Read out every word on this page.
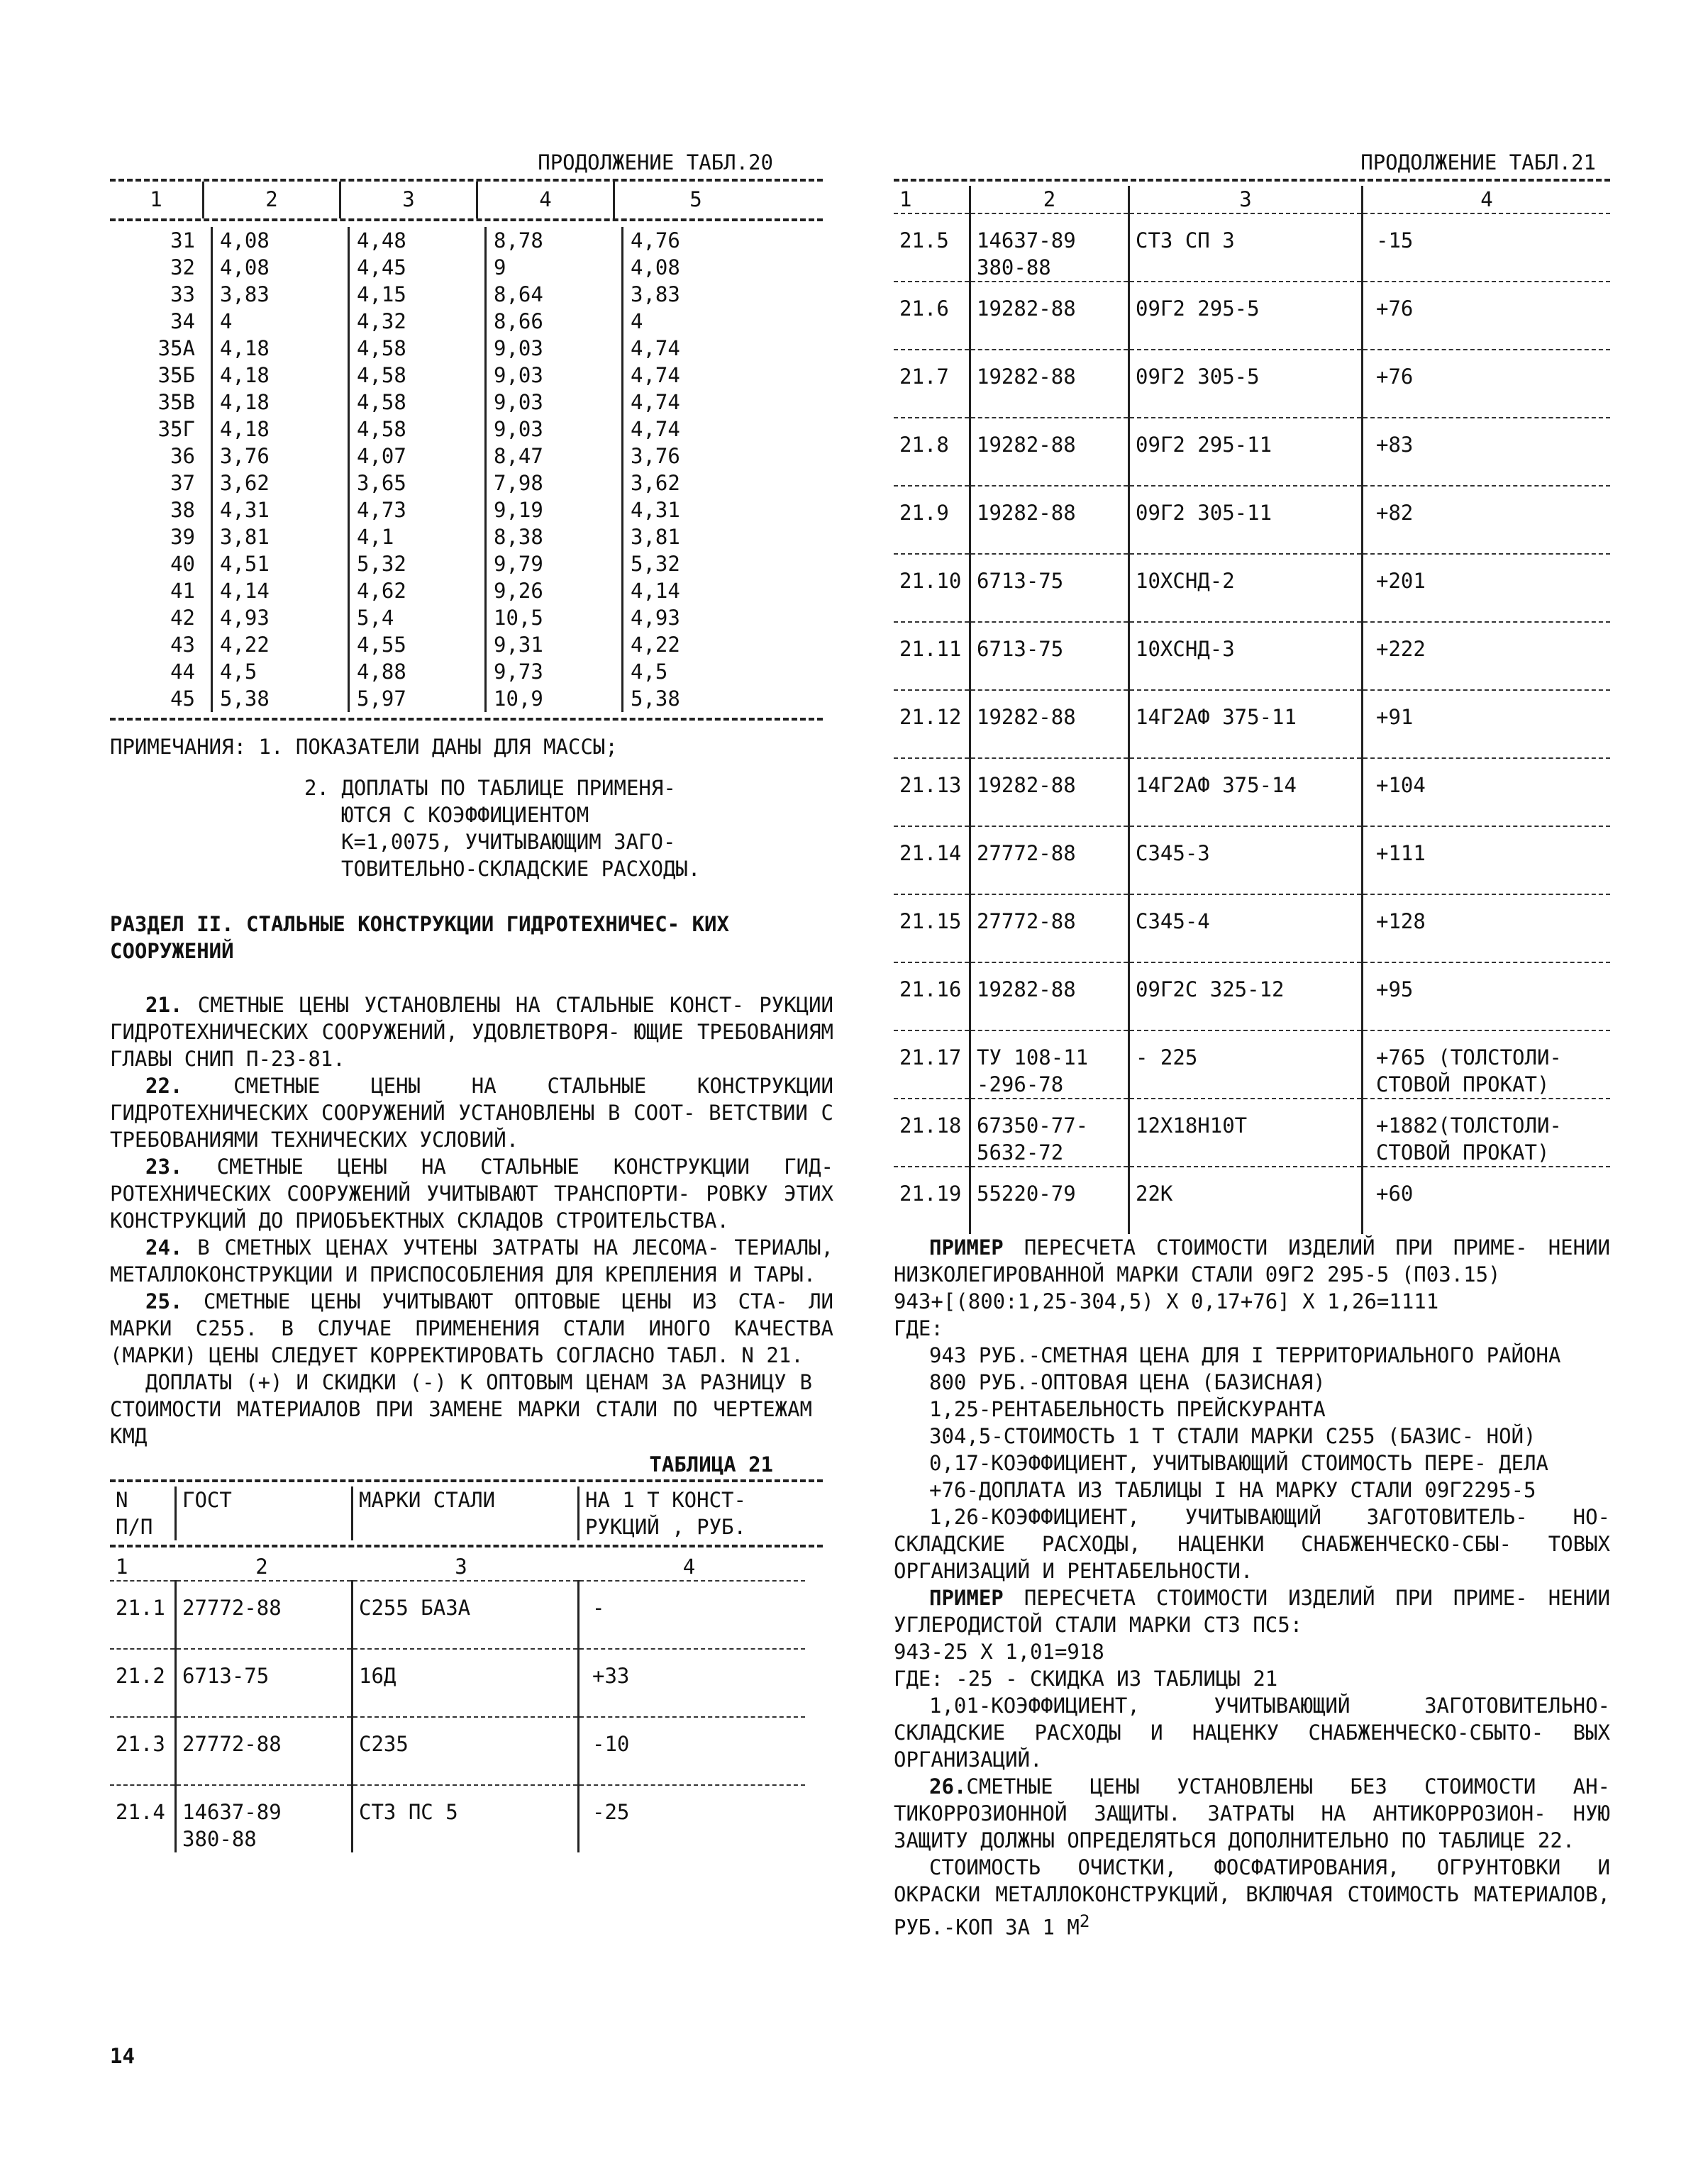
ПРОДОЛЖЕНИЕ ТАБЛ.20
1	2	3	4	5
31	4,08	4,48	8,78	4,76
32	4,08	4,45	9	4,08
33	3,83	4,15	8,64	3,83
34	4	4,32	8,66	4
35А	4,18	4,58	9,03	4,74
35Б	4,18	4,58	9,03	4,74
35В	4,18	4,58	9,03	4,74
35Г	4,18	4,58	9,03	4,74
36	3,76	4,07	8,47	3,76
37	3,62	3,65	7,98	3,62
38	4,31	4,73	9,19	4,31
39	3,81	4,1	8,38	3,81
40	4,51	5,32	9,79	5,32
41	4,14	4,62	9,26	4,14
42	4,93	5,4	10,5	4,93
43	4,22	4,55	9,31	4,22
44	4,5	4,88	9,73	4,5
45	5,38	5,97	10,9	5,38

ПРИМЕЧАНИЯ: 1. ПОКАЗАТЕЛИ ДАНЫ ДЛЯ МАССЫ;

2. ДОПЛАТЫ ПО ТАБЛИЦЕ ПРИМЕНЯ-
ЮТСЯ С КОЭФФИЦИЕНТОМ
К=1,0075, УЧИТЫВАЮЩИМ ЗАГО-
ТОВИТЕЛЬНО-СКЛАДСКИЕ РАСХОДЫ.

РАЗДЕЛ II. СТАЛЬНЫЕ КОНСТРУКЦИИ ГИДРОТЕХНИЧЕС- КИХ СООРУЖЕНИЙ

21. СМЕТНЫЕ ЦЕНЫ УСТАНОВЛЕНЫ НА СТАЛЬНЫЕ КОНСТ- РУКЦИИ ГИДРОТЕХНИЧЕСКИХ СООРУЖЕНИЙ, УДОВЛЕТВОРЯ- ЮЩИЕ ТРЕБОВАНИЯМ ГЛАВЫ СНИП П-23-81.

22. СМЕТНЫЕ ЦЕНЫ НА СТАЛЬНЫЕ КОНСТРУКЦИИ ГИДРОТЕХНИЧЕСКИХ СООРУЖЕНИЙ УСТАНОВЛЕНЫ В СООТ- ВЕТСТВИИ С ТРЕБОВАНИЯМИ ТЕХНИЧЕСКИХ УСЛОВИЙ.

23. СМЕТНЫЕ ЦЕНЫ НА СТАЛЬНЫЕ КОНСТРУКЦИИ ГИД- РОТЕХНИЧЕСКИХ СООРУЖЕНИЙ УЧИТЫВАЮТ ТРАНСПОРТИ- РОВКУ ЭТИХ КОНСТРУКЦИЙ ДО ПРИОБЪЕКТНЫХ СКЛАДОВ СТРОИТЕЛЬСТВА.

24. В СМЕТНЫХ ЦЕНАХ УЧТЕНЫ ЗАТРАТЫ НА ЛЕСОМА- ТЕРИАЛЫ, МЕТАЛЛОКОНСТРУКЦИИ И ПРИСПОСОБЛЕНИЯ ДЛЯ КРЕПЛЕНИЯ И ТАРЫ.

25. СМЕТНЫЕ ЦЕНЫ УЧИТЫВАЮТ ОПТОВЫЕ ЦЕНЫ ИЗ СТА- ЛИ МАРКИ С255. В СЛУЧАЕ ПРИМЕНЕНИЯ СТАЛИ ИНОГО КАЧЕСТВА (МАРКИ) ЦЕНЫ СЛЕДУЕТ КОРРЕКТИРОВАТЬ СОГЛАСНО ТАБЛ. N 21.

ДОПЛАТЫ (+) И СКИДКИ (-) К ОПТОВЫМ ЦЕНАМ ЗА РАЗНИЦУ В СТОИМОСТИ МАТЕРИАЛОВ ПРИ ЗАМЕНЕ МАРКИ СТАЛИ ПО ЧЕРТЕЖАМ КМД

ТАБЛИЦА 21

N
П/П	ГОСТ	МАРКИ СТАЛИ	НА 1 Т КОНСТ-
РУКЦИЙ , РУБ.
1	2	3	4

21.1	27772-88	С255 БАЗА	-

21.2	6713-75	16Д	+33

21.3	27772-88	С235	-10

21.4	14637-89
380-88	СТ3 ПС 5	-25
ПРОДОЛЖЕНИЕ ТАБЛ.21
1	2	3	4

21.5	14637-89
380-88	СТ3 СП 3	-15

21.6	19282-88	09Г2 295-5	+76

21.7	19282-88	09Г2 305-5	+76

21.8	19282-88	09Г2 295-11	+83

21.9	19282-88	09Г2 305-11	+82

21.10	6713-75	10ХСНД-2	+201

21.11	6713-75	10ХСНД-3	+222

21.12	19282-88	14Г2АФ 375-11	+91

21.13	19282-88	14Г2АФ 375-14	+104

21.14	27772-88	С345-3	+111

21.15	27772-88	С345-4	+128

21.16	19282-88	09Г2С 325-12	+95

21.17	ТУ 108-11
-296-78	- 225	+765 (ТОЛСТОЛИ-
СТОВОЙ ПРОКАТ)

21.18	67350-77-
5632-72	12Х18Н10Т	+1882(ТОЛСТОЛИ-
СТОВОЙ ПРОКАТ)

21.19	55220-79	22К	+60

ПРИМЕР ПЕРЕСЧЕТА СТОИМОСТИ ИЗДЕЛИЙ ПРИ ПРИМЕ- НЕНИИ НИЗКОЛЕГИРОВАННОЙ МАРКИ СТАЛИ 09Г2 295-5 (П03.15)

943+[(800:1,25-304,5) X 0,17+76] X 1,26=1111

ГДЕ:

943 РУБ.-СМЕТНАЯ ЦЕНА ДЛЯ I ТЕРРИТОРИАЛЬНОГО РАЙОНА

800 РУБ.-ОПТОВАЯ ЦЕНА (БАЗИСНАЯ)

1,25-РЕНТАБЕЛЬНОСТЬ ПРЕЙСКУРАНТА

304,5-СТОИМОСТЬ 1 Т СТАЛИ МАРКИ С255 (БАЗИС- НОЙ)

0,17-КОЭФФИЦИЕНТ, УЧИТЫВАЮЩИЙ СТОИМОСТЬ ПЕРЕ- ДЕЛА

+76-ДОПЛАТА ИЗ ТАБЛИЦЫ I НА МАРКУ СТАЛИ 09Г2295-5

1,26-КОЭФФИЦИЕНТ, УЧИТЫВАЮЩИЙ ЗАГОТОВИТЕЛЬ- НО-СКЛАДСКИЕ РАСХОДЫ, НАЦЕНКИ СНАБЖЕНЧЕСКО-СБЫ- ТОВЫХ ОРГАНИЗАЦИЙ И РЕНТАБЕЛЬНОСТИ.

ПРИМЕР ПЕРЕСЧЕТА СТОИМОСТИ ИЗДЕЛИЙ ПРИ ПРИМЕ- НЕНИИ УГЛЕРОДИСТОЙ СТАЛИ МАРКИ СТ3 ПС5:

943-25 X 1,01=918

ГДЕ: -25 - СКИДКА ИЗ ТАБЛИЦЫ 21

1,01-КОЭФФИЦИЕНТ, УЧИТЫВАЮЩИЙ ЗАГОТОВИТЕЛЬНО- СКЛАДСКИЕ РАСХОДЫ И НАЦЕНКУ СНАБЖЕНЧЕСКО-СБЫТО- ВЫХ ОРГАНИЗАЦИЙ.

26.СМЕТНЫЕ ЦЕНЫ УСТАНОВЛЕНЫ БЕЗ СТОИМОСТИ АН- ТИКОРРОЗИОННОЙ ЗАЩИТЫ. ЗАТРАТЫ НА АНТИКОРРОЗИОН- НУЮ ЗАЩИТУ ДОЛЖНЫ ОПРЕДЕЛЯТЬСЯ ДОПОЛНИТЕЛЬНО ПО ТАБЛИЦЕ 22.

СТОИМОСТЬ ОЧИСТКИ, ФОСФАТИРОВАНИЯ, ОГРУНТОВКИ И ОКРАСКИ МЕТАЛЛОКОНСТРУКЦИЙ, ВКЛЮЧАЯ СТОИМОСТЬ МАТЕРИАЛОВ, РУБ.-КОП ЗА 1 $М^2$

14
